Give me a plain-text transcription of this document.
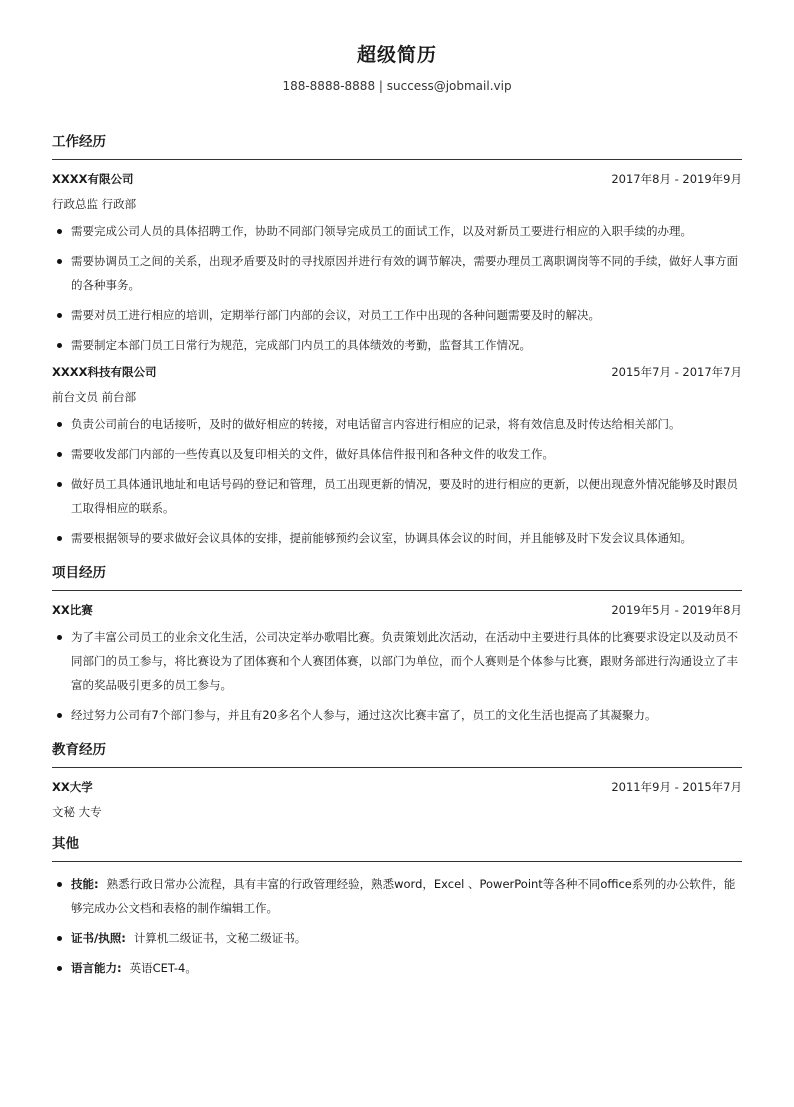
超级简历
188-8888-8888 | success@jobmail.vip
工作经历
XXXX有限公司	2017年8月 - 2019年9月
行政总监 行政部
需要完成公司人员的具体招聘工作，协助不同部门领导完成员工的面试工作，以及对新员工要进行相应的入职手续的办理。
需要协调员工之间的关系，出现矛盾要及时的寻找原因并进行有效的调节解决，需要办理员工离职调岗等不同的手续，做好人事方面的各种事务。
需要对员工进行相应的培训，定期举行部门内部的会议，对员工工作中出现的各种问题需要及时的解决。
需要制定本部门员工日常行为规范，完成部门内员工的具体绩效的考勤，监督其工作情况。
XXXX科技有限公司	2015年7月 - 2017年7月
前台文员 前台部
负责公司前台的电话接听，及时的做好相应的转接，对电话留言内容进行相应的记录，将有效信息及时传达给相关部门。
需要收发部门内部的一些传真以及复印相关的文件，做好具体信件报刊和各种文件的收发工作。
做好员工具体通讯地址和电话号码的登记和管理，员工出现更新的情况，要及时的进行相应的更新，以便出现意外情况能够及时跟员工取得相应的联系。
需要根据领导的要求做好会议具体的安排，提前能够预约会议室，协调具体会议的时间，并且能够及时下发会议具体通知。
项目经历
XX比赛	2019年5月 - 2019年8月
为了丰富公司员工的业余文化生活，公司决定举办歌唱比赛。负责策划此次活动，在活动中主要进行具体的比赛要求设定以及动员不同部门的员工参与，将比赛设为了团体赛和个人赛团体赛，以部门为单位，而个人赛则是个体参与比赛，跟财务部进行沟通设立了丰富的奖品吸引更多的员工参与。
经过努力公司有7个部门参与，并且有20多名个人参与，通过这次比赛丰富了，员工的文化生活也提高了其凝聚力。
教育经历
XX大学	2011年9月 - 2015年7月
文秘 大专
其他
技能: 熟悉行政日常办公流程，具有丰富的行政管理经验，熟悉word，Excel 、PowerPoint等各种不同office系列的办公软件，能够完成办公文档和表格的制作编辑工作。
证书/执照: 计算机二级证书，文秘二级证书。
语言能力: 英语CET-4。
